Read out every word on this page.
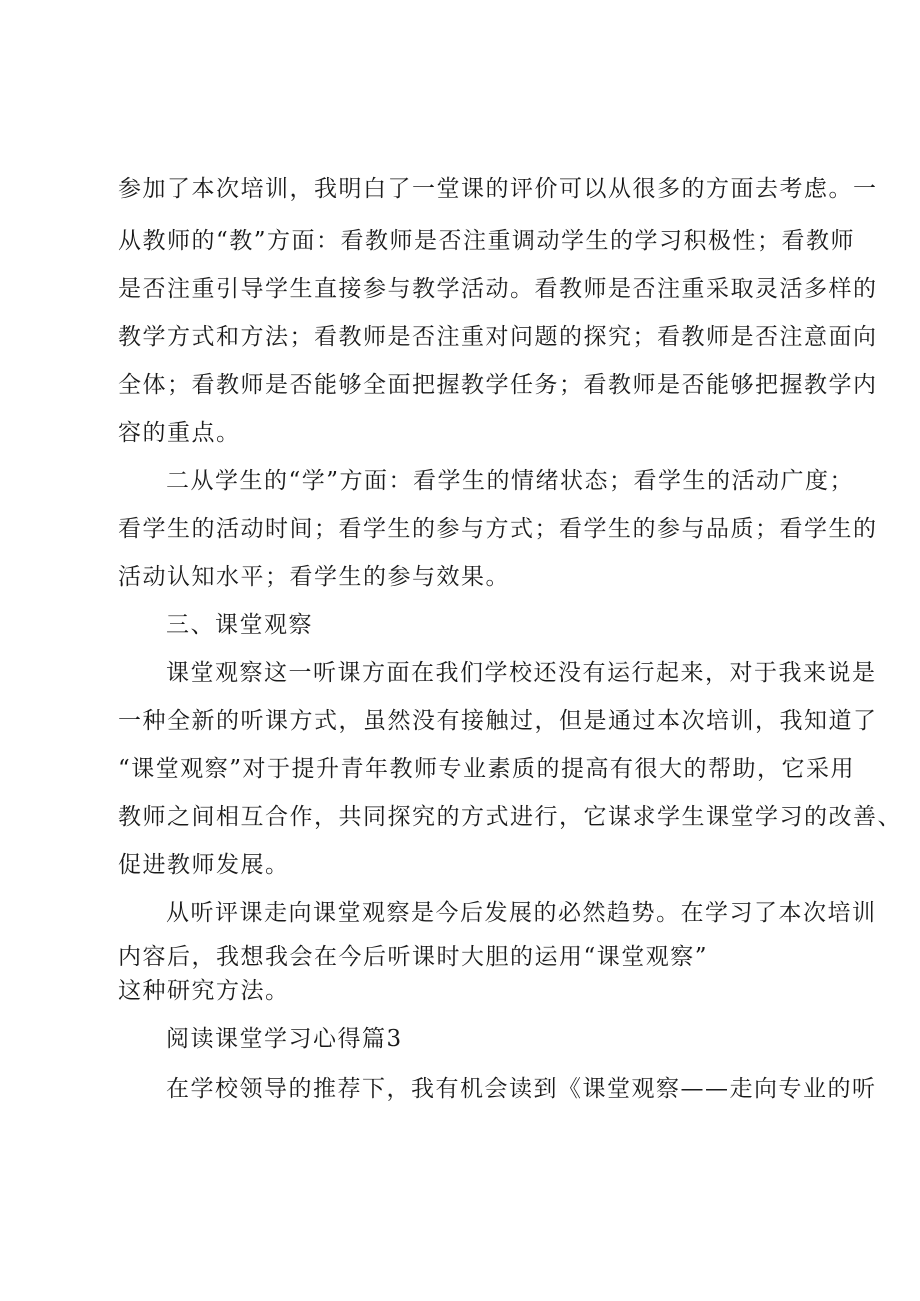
参加了本次培训，我明白了一堂课的评价可以从很多的方面去考虑。一
从教师的“教”方面：看教师是否注重调动学生的学习积极性；看教师
是否注重引导学生直接参与教学活动。看教师是否注重采取灵活多样的
教学方式和方法；看教师是否注重对问题的探究；看教师是否注意面向
全体；看教师是否能够全面把握教学任务；看教师是否能够把握教学内
容的重点。
二从学生的“学”方面：看学生的情绪状态；看学生的活动广度；
看学生的活动时间；看学生的参与方式；看学生的参与品质；看学生的
活动认知水平；看学生的参与效果。
三、课堂观察
课堂观察这一听课方面在我们学校还没有运行起来，对于我来说是
一种全新的听课方式，虽然没有接触过，但是通过本次培训，我知道了
“课堂观察”对于提升青年教师专业素质的提高有很大的帮助，它采用
教师之间相互合作，共同探究的方式进行，它谋求学生课堂学习的改善、
促进教师发展。
从听评课走向课堂观察是今后发展的必然趋势。在学习了本次培训
内容后，我想我会在今后听课时大胆的运用“课堂观察”
这种研究方法。
阅读课堂学习心得篇3
在学校领导的推荐下，我有机会读到《课堂观察——走向专业的听
